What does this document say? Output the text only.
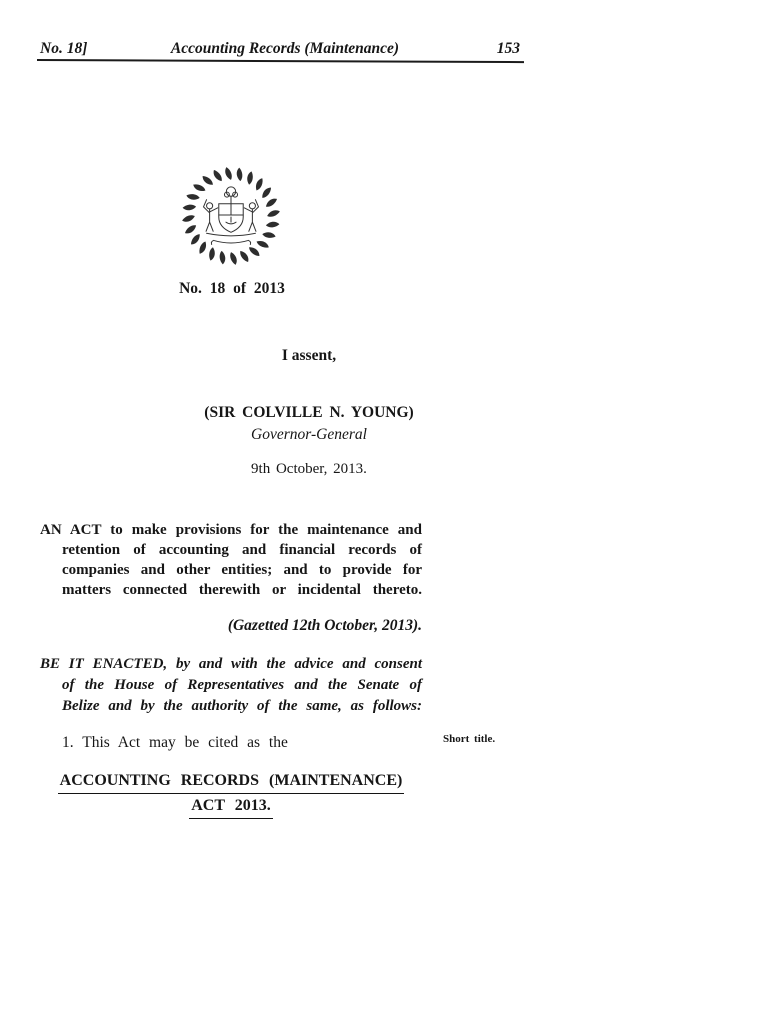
No. 18]	Accounting Records (Maintenance)	153
No. 18 of 2013
I assent,
(SIR COLVILLE N. YOUNG)
Governor-General
9th October, 2013.
AN ACT to make provisions for the maintenance and
retention of accounting and financial records of
companies and other entities; and to provide for
matters connected therewith or incidental thereto.
(Gazetted 12th October, 2013).
BE IT ENACTED, by and with the advice and consent
of the House of Representatives and the Senate of
Belize and by the authority of the same, as follows:
1. This Act may be cited as the	Short title.
ACCOUNTING RECORDS (MAINTENANCE)
ACT 2013.
